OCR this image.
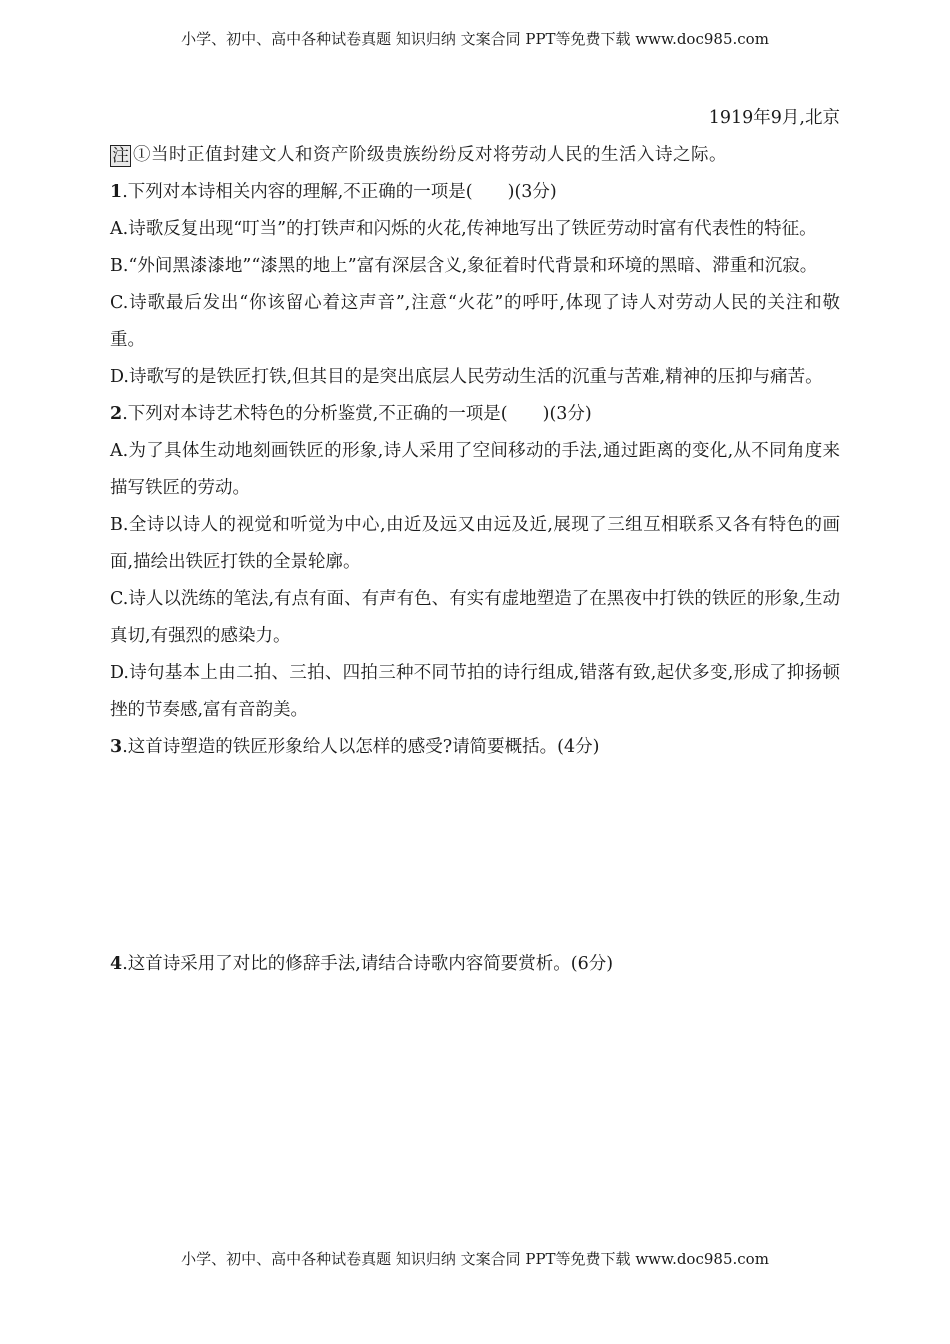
小学、初中、高中各种试卷真题 知识归纳 文案合同 PPT等免费下载 www.doc985.com
1919年9月,北京
注 ①当时正值封建文人和资产阶级贵族纷纷反对将劳动人民的生活入诗之际。

1.下列对本诗相关内容的理解,不正确的一项是(　　)(3分)

A.诗歌反复出现“叮当”的打铁声和闪烁的火花,传神地写出了铁匠劳动时富有代表性的特征。

B.“外间黑漆漆地”“漆黑的地上”富有深层含义,象征着时代背景和环境的黑暗、滞重和沉寂。

C.诗歌最后发出“你该留心着这声音”,注意“火花”的呼吁,体现了诗人对劳动人民的关注和敬重。

D.诗歌写的是铁匠打铁,但其目的是突出底层人民劳动生活的沉重与苦难,精神的压抑与痛苦。

2.下列对本诗艺术特色的分析鉴赏,不正确的一项是(　　)(3分)

A.为了具体生动地刻画铁匠的形象,诗人采用了空间移动的手法,通过距离的变化,从不同角度来描写铁匠的劳动。

B.全诗以诗人的视觉和听觉为中心,由近及远又由远及近,展现了三组互相联系又各有特色的画面,描绘出铁匠打铁的全景轮廓。

C.诗人以洗练的笔法,有点有面、有声有色、有实有虚地塑造了在黑夜中打铁的铁匠的形象,生动真切,有强烈的感染力。

D.诗句基本上由二拍、三拍、四拍三种不同节拍的诗行组成,错落有致,起伏多变,形成了抑扬顿挫的节奏感,富有音韵美。

3.这首诗塑造的铁匠形象给人以怎样的感受?请简要概括。(4分)

4.这首诗采用了对比的修辞手法,请结合诗歌内容简要赏析。(6分)

小学、初中、高中各种试卷真题 知识归纳 文案合同 PPT等免费下载 www.doc985.com
